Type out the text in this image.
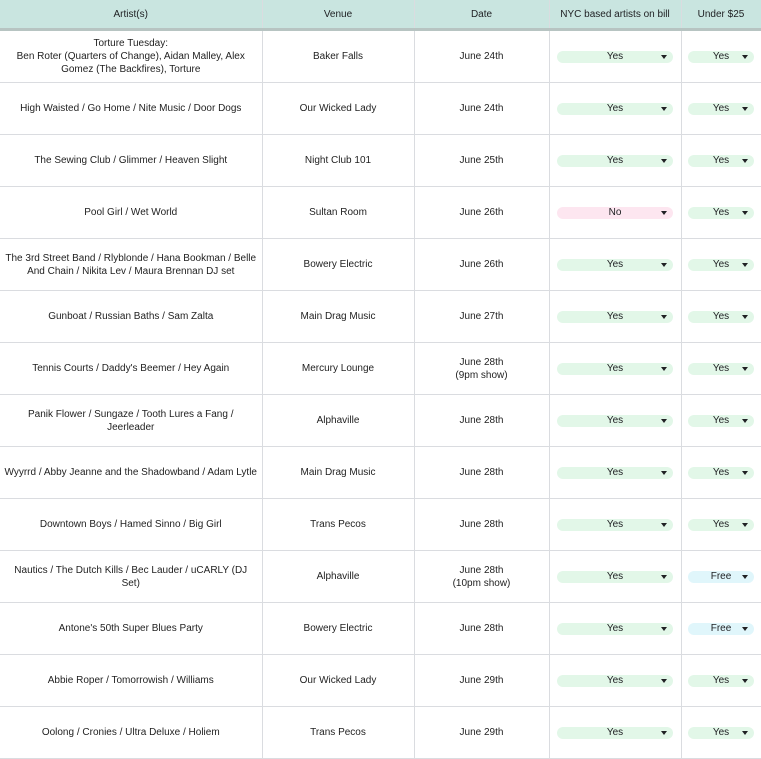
Artist(s)	Venue	Date	NYC based artists on bill	Under $25
Torture Tuesday:
Ben Roter (Quarters of Change), Aidan Malley, Alex Gomez (The Backfires), Torture	Baker Falls	June 24th	Yes	Yes

High Waisted / Go Home / Nite Music / Door Dogs	Our Wicked Lady	June 24th	Yes	Yes

The Sewing Club / Glimmer / Heaven Slight	Night Club 101	June 25th	Yes	Yes

Pool Girl / Wet World	Sultan Room	June 26th	No	Yes

The 3rd Street Band / Rlyblonde / Hana Bookman / Belle And Chain / Nikita Lev / Maura Brennan DJ set	Bowery Electric	June 26th	Yes	Yes

Gunboat / Russian Baths / Sam Zalta	Main Drag Music	June 27th	Yes	Yes

Tennis Courts / Daddy's Beemer / Hey Again	Mercury Lounge	June 28th
(9pm show)	Yes	Yes

Panik Flower / Sungaze / Tooth Lures a Fang / Jeerleader	Alphaville	June 28th	Yes	Yes

Wyyrrd / Abby Jeanne and the Shadowband / Adam Lytle	Main Drag Music	June 28th	Yes	Yes

Downtown Boys / Hamed Sinno / Big Girl	Trans Pecos	June 28th	Yes	Yes

Nautics / The Dutch Kills / Bec Lauder / uCARLY (DJ Set)	Alphaville	June 28th
(10pm show)	Yes	Free

Antone's 50th Super Blues Party	Bowery Electric	June 28th	Yes	Free

Abbie Roper / Tomorrowish / Williams	Our Wicked Lady	June 29th	Yes	Yes

Oolong / Cronies / Ultra Deluxe / Holiem	Trans Pecos	June 29th	Yes	Yes
